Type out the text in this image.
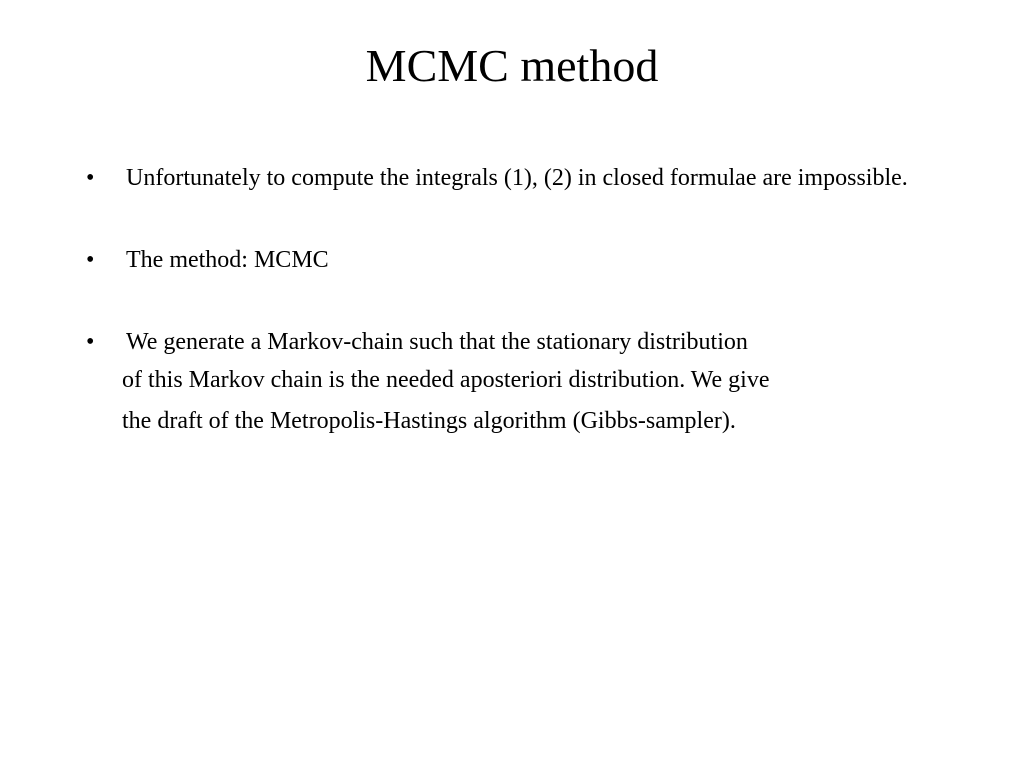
MCMC method
•	Unfortunately to compute the integrals (1), (2) in closed formulae are impossible.
•	The method: MCMC
•	We generate a Markov-chain such that the stationary distribution
of this Markov chain is the needed aposteriori distribution. We give
the draft of the Metropolis-Hastings algorithm (Gibbs-sampler).
